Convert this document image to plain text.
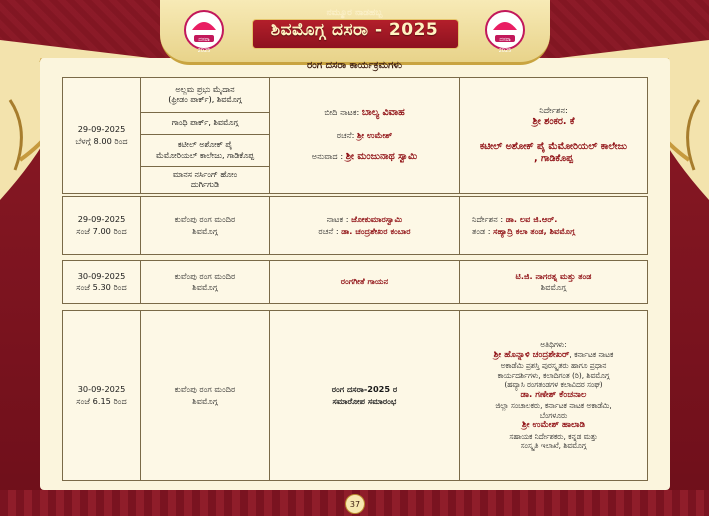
ದಸರಾ
2025
ದಸರಾ
2025
ನಮ್ಮೂರ ನಾಡಹಬ್ಬ
ಶಿವಮೊಗ್ಗ ದಸರಾ - 2025
ರಂಗ ದಸರಾ ಕಾರ್ಯಕ್ರಮಗಳು
29-09-2025
ಬೆಳಗ್ಗೆ 8.00 ರಿಂದ
ಅಲ್ಲಮ ಪ್ರಭು ಮೈದಾನ
(ಫ್ರೀಡಂ ಪಾರ್ಕ್), ಶಿವಮೊಗ್ಗ
ಗಾಂಧಿ ಪಾರ್ಕ್, ಶಿವಮೊಗ್ಗ
ಕಟೀಲ್ ಅಶೋಕ್ ಪೈ
ಮೆಮೋರಿಯಲ್ ಕಾಲೇಜು, ಗಾಡಿಕೊಪ್ಪ
ಮಾನಸ ನರ್ಸಿಂಗ್ ಹೋಂ
ದುರ್ಗಿಗುಡಿ
ಬೀದಿ ನಾಟಕ: ಬಾಲ್ಯ ವಿವಾಹ
ರಚನೆ: ಶ್ರೀ ಉಮೇಶ್
ಅನುವಾದ : ಶ್ರೀ ಮಂಜುನಾಥ ಸ್ವಾಮಿ
ನಿರ್ದೇಶನ:
ಶ್ರೀ ಶಂಕರ. ಕೆ
ಕಟೀಲ್ ಅಶೋಕ್ ಪೈ ಮೆಮೋರಿಯಲ್ ಕಾಲೇಜು
, ಗಾಡಿಕೊಪ್ಪ
29-09-2025
ಸಂಜೆ 7.00 ರಿಂದ
ಕುವೆಂಪು ರಂಗ ಮಂದಿರ
ಶಿವಮೊಗ್ಗ
ನಾಟಕ : ಜೋಕುಮಾರಸ್ವಾಮಿ
ರಚನೆ : ಡಾ. ಚಂದ್ರಶೇಖರ ಕಂಬಾರ
ನಿರ್ದೇಶನ : ಡಾ. ಲವ ಜಿ.ಆರ್.
ತಂಡ : ಸಹ್ಯಾದ್ರಿ ಕಲಾ ತಂಡ, ಶಿವಮೊಗ್ಗ
30-09-2025
ಸಂಜೆ 5.30 ರಿಂದ
ಕುವೆಂಪು ರಂಗ ಮಂದಿರ
ಶಿವಮೊಗ್ಗ
ರಂಗಗೀತೆ ಗಾಯನ
ಟಿ.ಜಿ. ನಾಗರತ್ನ ಮತ್ತು ತಂಡ
ಶಿವಮೊಗ್ಗ
30-09-2025
ಸಂಜೆ 6.15 ರಿಂದ
ಕುವೆಂಪು ರಂಗ ಮಂದಿರ
ಶಿವಮೊಗ್ಗ
ರಂಗ ದಸರಾ-2025 ರ
ಸಮಾರೋಪ ಸಮಾರಂಭ
ಅತಿಥಿಗಳು:
ಶ್ರೀ ಹೊನ್ನಾಳಿ ಚಂದ್ರಶೇಖರ್, ಕರ್ನಾಟಕ ನಾಟಕ
ಅಕಾಡೆಮಿ ಪ್ರಶಸ್ತಿ ಪುರಸ್ಕೃತರು ಹಾಗೂ ಪ್ರಧಾನ
ಕಾರ್ಯದರ್ಶಿಗಳು, ಕಲಾದಿಗಂತ (ರಿ), ಶಿವಮೊಗ್ಗ
(ಹವ್ಯಾಸಿ ರಂಗತಂಡಗಳ ಕಲಾವಿದರ ಸಂಘ)
ಡಾ. ಗಣೇಶ್ ಕೆಂಚನಾಲ
ಜಿಲ್ಲಾ ಸಂಚಾಲಕರು, ಕರ್ನಾಟಕ ನಾಟಕ ಅಕಾಡೆಮಿ,
ಬೆಂಗಳೂರು
ಶ್ರೀ ಉಮೇಶ್ ಹಾಲಾಡಿ
ಸಹಾಯಕ ನಿರ್ದೇಶಕರು, ಕನ್ನಡ ಮತ್ತು
ಸಂಸ್ಕೃತಿ ಇಲಾಖೆ, ಶಿವಮೊಗ್ಗ
37
